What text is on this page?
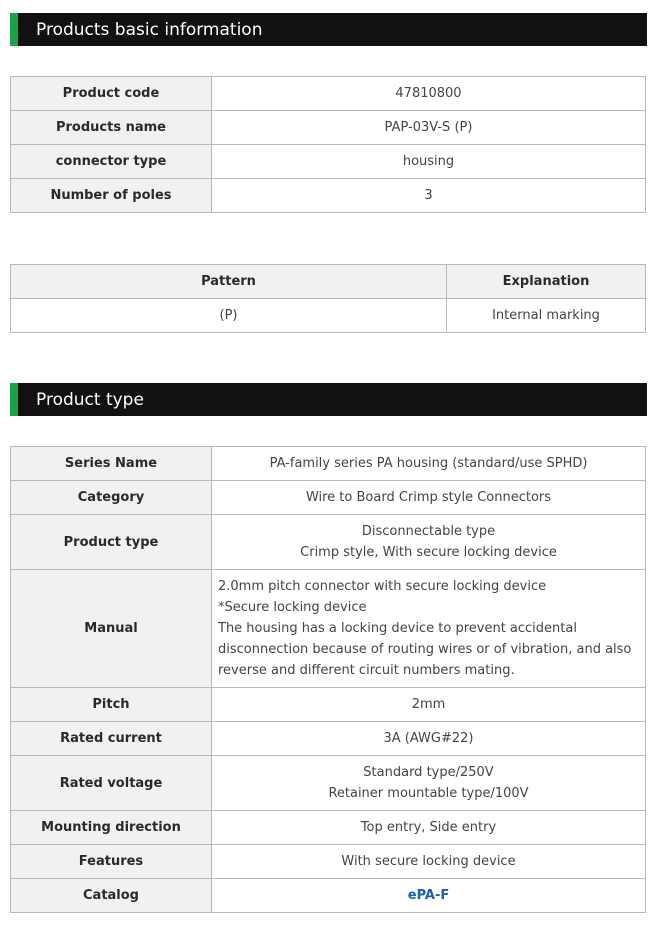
Products basic information
Product code	47810800
Products name	PAP-03V-S (P)
connector type	housing
Number of poles	3
Pattern	Explanation
(P)	Internal marking
Product type
Series Name	PA-family series PA housing (standard/use SPHD)
Category	Wire to Board Crimp style Connectors
Product type	Disconnectable type
Crimp style, With secure locking device

Manual	2.0mm pitch connector with secure locking device
*Secure locking device
The housing has a locking device to prevent accidental disconnection because of routing wires or of vibration, and also reverse and different circuit numbers mating.

Pitch	2mm
Rated current	3A (AWG#22)
Rated voltage	Standard type/250V
Retainer mountable type/100V

Mounting direction	Top entry, Side entry
Features	With secure locking device
Catalog	ePA-F
